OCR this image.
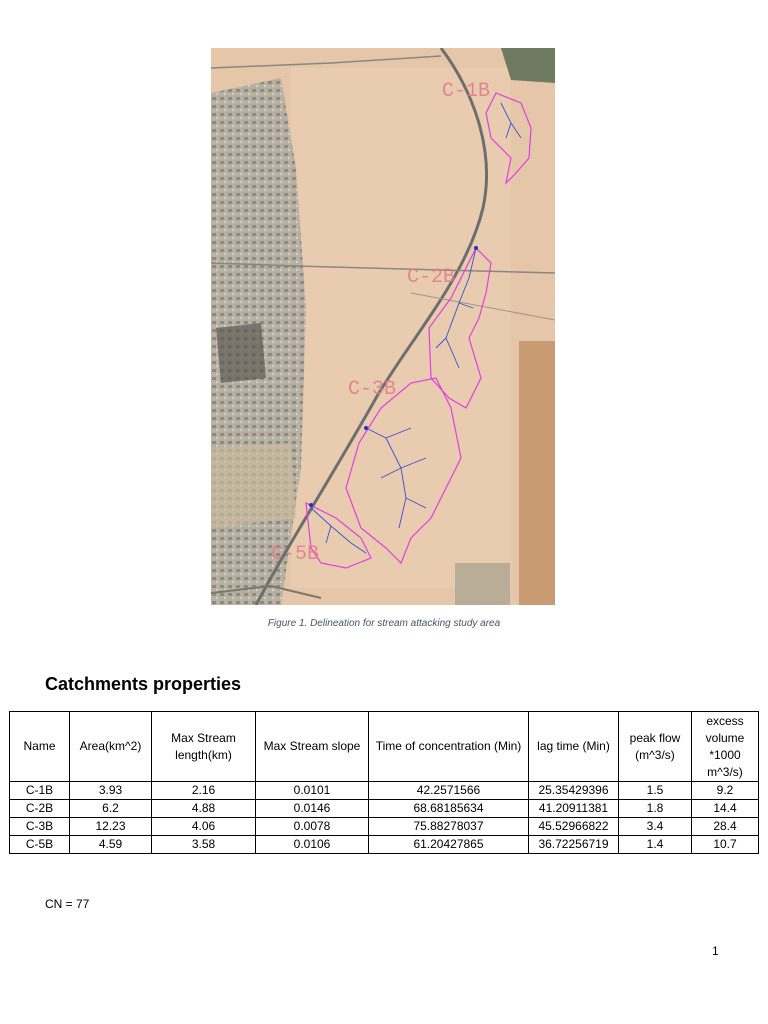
C-1B
C-2B
C-3B
C-5B
Figure 1. Delineation for stream attacking study area
Catchments properties
Name	Area(km^2)	Max Stream length(km)	Max Stream slope	Time of concentration (Min)	lag time (Min)	peak flow (m^3/s)	excess volume *1000 m^3/s)
C-1B	3.93	2.16	0.0101	42.2571566	25.35429396	1.5	9.2
C-2B	6.2	4.88	0.0146	68.68185634	41.20911381	1.8	14.4
C-3B	12.23	4.06	0.0078	75.88278037	45.52966822	3.4	28.4
C-5B	4.59	3.58	0.0106	61.20427865	36.72256719	1.4	10.7
CN = 77
1
